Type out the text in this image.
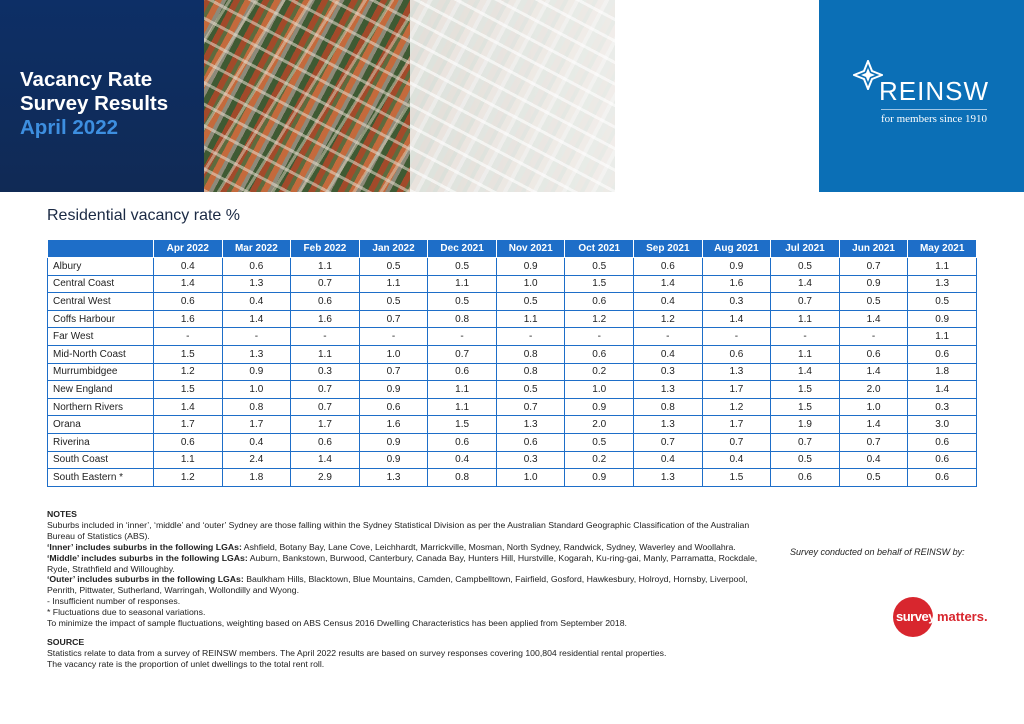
Vacancy Rate
Survey Results
April 2022
REINSW
for members since 1910
Residential vacancy rate %
	Apr 2022	Mar 2022	Feb 2022	Jan 2022	Dec 2021	Nov 2021	Oct 2021	Sep 2021	Aug 2021	Jul 2021	Jun 2021	May 2021
Albury	0.4	0.6	1.1	0.5	0.5	0.9	0.5	0.6	0.9	0.5	0.7	1.1
Central Coast	1.4	1.3	0.7	1.1	1.1	1.0	1.5	1.4	1.6	1.4	0.9	1.3
Central West	0.6	0.4	0.6	0.5	0.5	0.5	0.6	0.4	0.3	0.7	0.5	0.5
Coffs Harbour	1.6	1.4	1.6	0.7	0.8	1.1	1.2	1.2	1.4	1.1	1.4	0.9
Far West	-	-	-	-	-	-	-	-	-	-	-	1.1
Mid-North Coast	1.5	1.3	1.1	1.0	0.7	0.8	0.6	0.4	0.6	1.1	0.6	0.6
Murrumbidgee	1.2	0.9	0.3	0.7	0.6	0.8	0.2	0.3	1.3	1.4	1.4	1.8
New England	1.5	1.0	0.7	0.9	1.1	0.5	1.0	1.3	1.7	1.5	2.0	1.4
Northern Rivers	1.4	0.8	0.7	0.6	1.1	0.7	0.9	0.8	1.2	1.5	1.0	0.3
Orana	1.7	1.7	1.7	1.6	1.5	1.3	2.0	1.3	1.7	1.9	1.4	3.0
Riverina	0.6	0.4	0.6	0.9	0.6	0.6	0.5	0.7	0.7	0.7	0.7	0.6
South Coast	1.1	2.4	1.4	0.9	0.4	0.3	0.2	0.4	0.4	0.5	0.4	0.6
South Eastern *	1.2	1.8	2.9	1.3	0.8	1.0	0.9	1.3	1.5	0.6	0.5	0.6

NOTES

Suburbs included in ‘inner’, ‘middle’ and ‘outer’ Sydney are those falling within the Sydney Statistical Division as per the Australian Standard Geographic Classification of the Australian Bureau of Statistics (ABS).

‘Inner’ includes suburbs in the following LGAs: Ashfield, Botany Bay, Lane Cove, Leichhardt, Marrickville, Mosman, North Sydney, Randwick, Sydney, Waverley and Woollahra.

‘Middle’ includes suburbs in the following LGAs: Auburn, Bankstown, Burwood, Canterbury, Canada Bay, Hunters Hill, Hurstville, Kogarah, Ku-ring-gai, Manly, Parramatta, Rockdale, Ryde, Strathfield and Willoughby.

‘Outer’ includes suburbs in the following LGAs: Baulkham Hills, Blacktown, Blue Mountains, Camden, Campbelltown, Fairfield, Gosford, Hawkesbury, Holroyd, Hornsby, Liverpool, Penrith, Pittwater, Sutherland, Warringah, Wollondilly and Wyong.

- Insufficient number of responses.

* Fluctuations due to seasonal variations.

To minimize the impact of sample fluctuations, weighting based on ABS Census 2016 Dwelling Characteristics has been applied from September 2018.

SOURCE

Statistics relate to data from a survey of REINSW members. The April 2022 results are based on survey responses covering 100,804 residential rental properties.

The vacancy rate is the proportion of unlet dwellings to the total rent roll.

Survey conducted on behalf of REINSW by:
survey matters.
